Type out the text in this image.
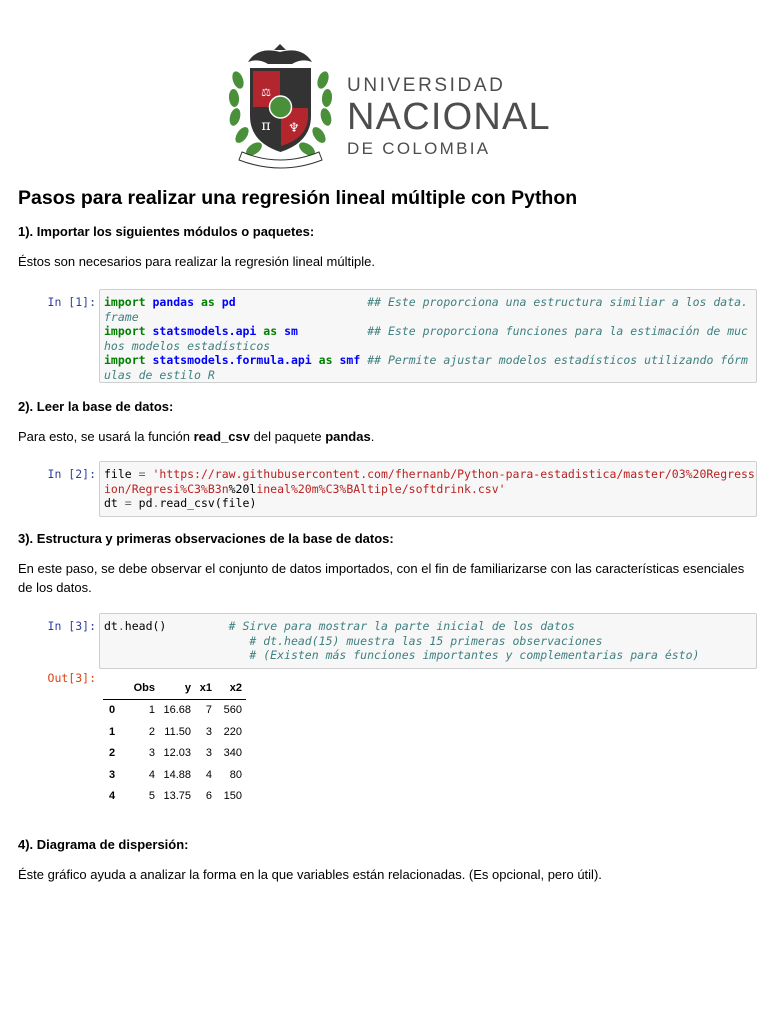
⚖
π ♆
UNIVERSIDAD
NACIONAL
DE COLOMBIA
Pasos para realizar una regresión lineal múltiple con Python
1). Importar los siguientes módulos o paquetes:

Éstos son necesarios para realizar la regresión lineal múltiple.

In [1]: import pandas as pd	## Este proporciona una estructura similiar a los data.
frame
import statsmodels.api as sm	## Este proporciona funciones para la estimación de muc
hos modelos estadísticos
import statsmodels.formula.api as smf ## Permite ajustar modelos estadísticos utilizando fórm
ulas de estilo R
2). Leer la base de datos:

Para esto, se usará la función read_csv del paquete pandas.

In [2]: file = 'https://raw.githubusercontent.com/fhernanb/Python-para-estadistica/master/03%20Regress
ion/Regresi%C3%B3n%20lineal%20m%C3%BAltiple/softdrink.csv'
dt = pd.read_csv(file)
3). Estructura y primeras observaciones de la base de datos:

En este paso, se debe observar el conjunto de datos importados, con el fin de familiarizarse con las características esenciales de los datos.

In [3]: dt.head()         # Sirve para mostrar la parte inicial de los datos
# dt.head(15) muestra las 15 primeras observaciones
# (Existen más funciones importantes y complementarias para ésto)
Out[3]:
	Obs	y	x1	x2
0	1	16.68	7	560
1	2	11.50	3	220
2	3	12.03	3	340
3	4	14.88	4	80
4	5	13.75	6	150
4). Diagrama de dispersión:

Éste gráfico ayuda a analizar la forma en la que variables están relacionadas. (Es opcional, pero útil).
